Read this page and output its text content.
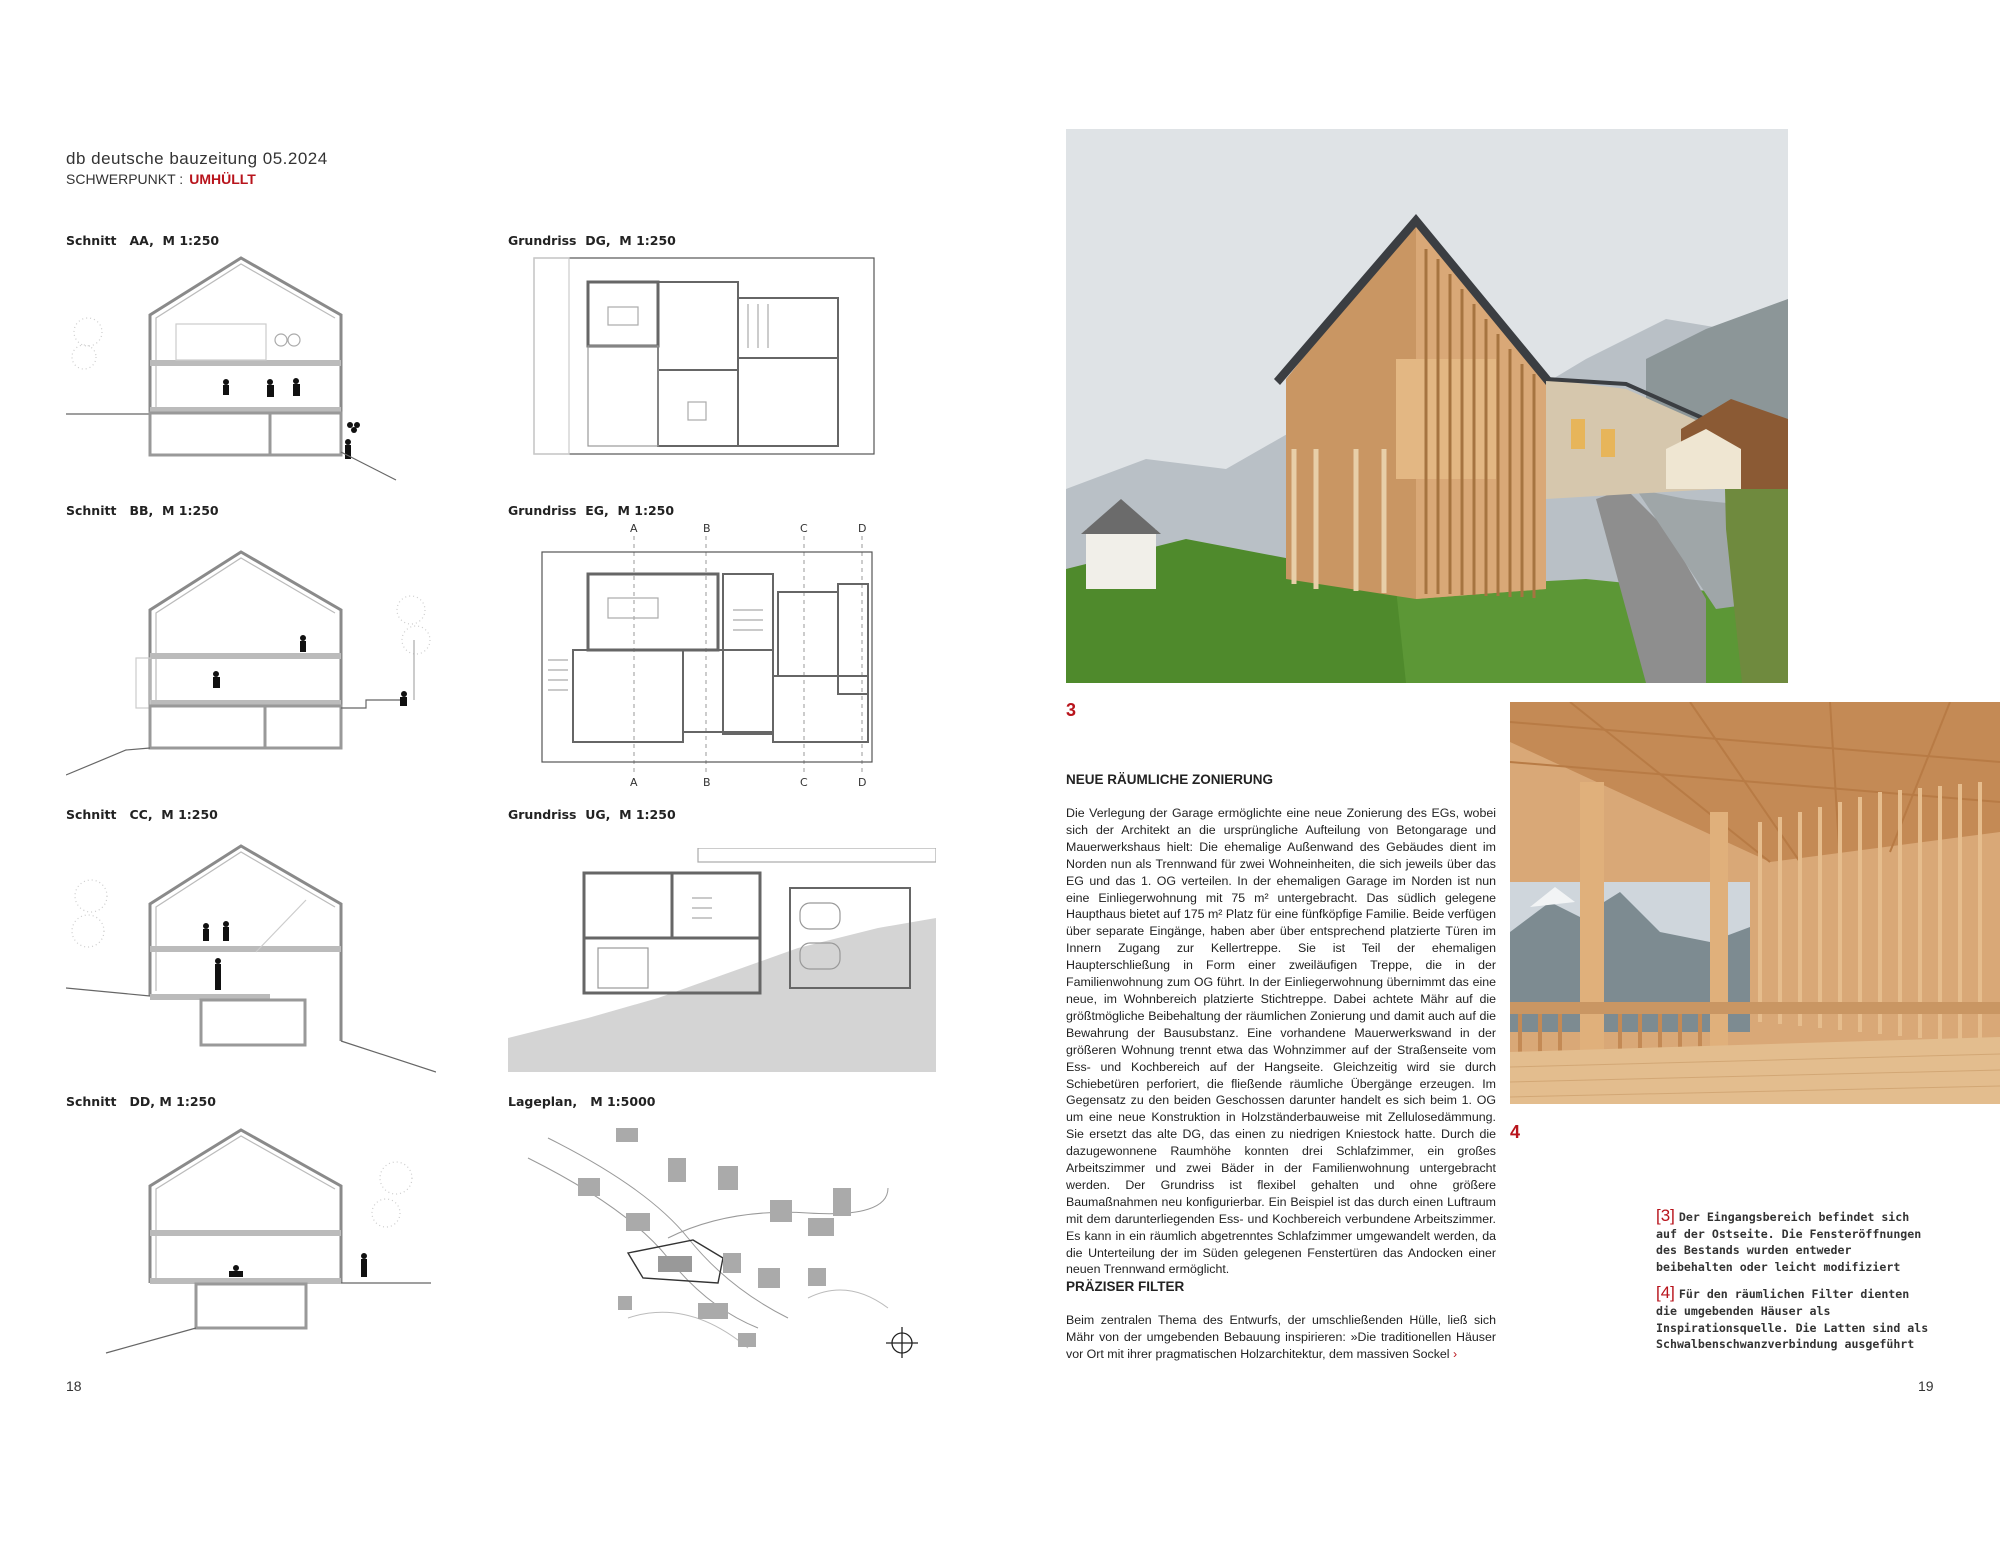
db deutsche bauzeitung 05.2024
SCHWERPUNKT : UMHÜLLT
Schnitt   AA,  M 1:250
Schnitt   BB,  M 1:250
Schnitt   CC,  M 1:250
Schnitt   DD, M 1:250
Grundriss  DG,  M 1:250
Grundriss  EG,  M 1:250
Grundriss  UG,  M 1:250
Lageplan,   M 1:5000
A	B	C	D
A	B	C	D
18
3
4
NEUE RÄUMLICHE ZONIERUNG
Die Verlegung der Garage ermöglichte eine neue Zonierung des EGs, wobei sich der Architekt an die ursprüngliche Aufteilung von Betongarage und Mauerwerkshaus hielt: Die ehemalige Außenwand des Gebäudes dient im Norden nun als Trennwand für zwei Wohneinheiten, die sich jeweils über das EG und das 1. OG verteilen. In der ehemaligen Garage im Norden ist nun eine Einliegerwohnung mit 75 m² untergebracht. Das südlich gelegene Haupthaus bietet auf 175 m² Platz für eine fünfköpfige Familie. Beide verfügen über separate Eingänge, haben aber über entsprechend platzierte Türen im Innern Zugang zur Kellertreppe. Sie ist Teil der ehemaligen Haupterschließung in Form einer zweiläufigen Treppe, die in der Familienwohnung zum OG führt. In der Einliegerwohnung übernimmt das eine neue, im Wohnbereich platzierte Stichtreppe. Dabei achtete Mähr auf die größtmögliche Beibehaltung der räumlichen Zonierung und damit auch auf die Bewahrung der Bausubstanz. Eine vorhandene Mauerwerkswand in der größeren Wohnung trennt etwa das Wohnzimmer auf der Straßenseite vom Ess- und Kochbereich auf der Hangseite. Gleichzeitig wird sie durch Schiebetüren perforiert, die fließende räumliche Übergänge erzeugen. Im Gegensatz zu den beiden Geschossen darunter handelt es sich beim 1. OG um eine neue Konstruktion in Holzständerbauweise mit Zellulosedämmung. Sie ersetzt das alte DG, das einen zu niedrigen Kniestock hatte. Durch die dazugewonnene Raumhöhe konnten drei Schlafzimmer, ein großes Arbeitszimmer und zwei Bäder in der Familienwohnung untergebracht werden. Der Grundriss ist flexibel gehalten und ohne größere Baumaßnahmen neu konfigurierbar. Ein Beispiel ist das durch einen Luftraum mit dem darunterliegenden Ess- und Kochbereich verbundene Arbeitszimmer. Es kann in ein räumlich abgetrenntes Schlafzimmer umgewandelt werden, da die Unterteilung der im Süden gelegenen Fenstertüren das Andocken einer neuen Trennwand ermöglicht.
PRÄZISER FILTER
Beim zentralen Thema des Entwurfs, der umschließenden Hülle, ließ sich Mähr von der umgebenden Bebauung inspirieren: »Die traditionellen Häuser vor Ort mit ihrer pragmatischen Holzarchitektur, dem massiven Sockel ›

[3] Der Eingangsbereich befindet sich auf der Ostseite. Die Fensteröffnungen des Bestands wurden entweder beibehalten oder leicht modifiziert

[4] Für den räumlichen Filter dienten die umgebenden Häuser als Inspirationsquelle. Die Latten sind als Schwalbenschwanzverbindung ausgeführt

19
